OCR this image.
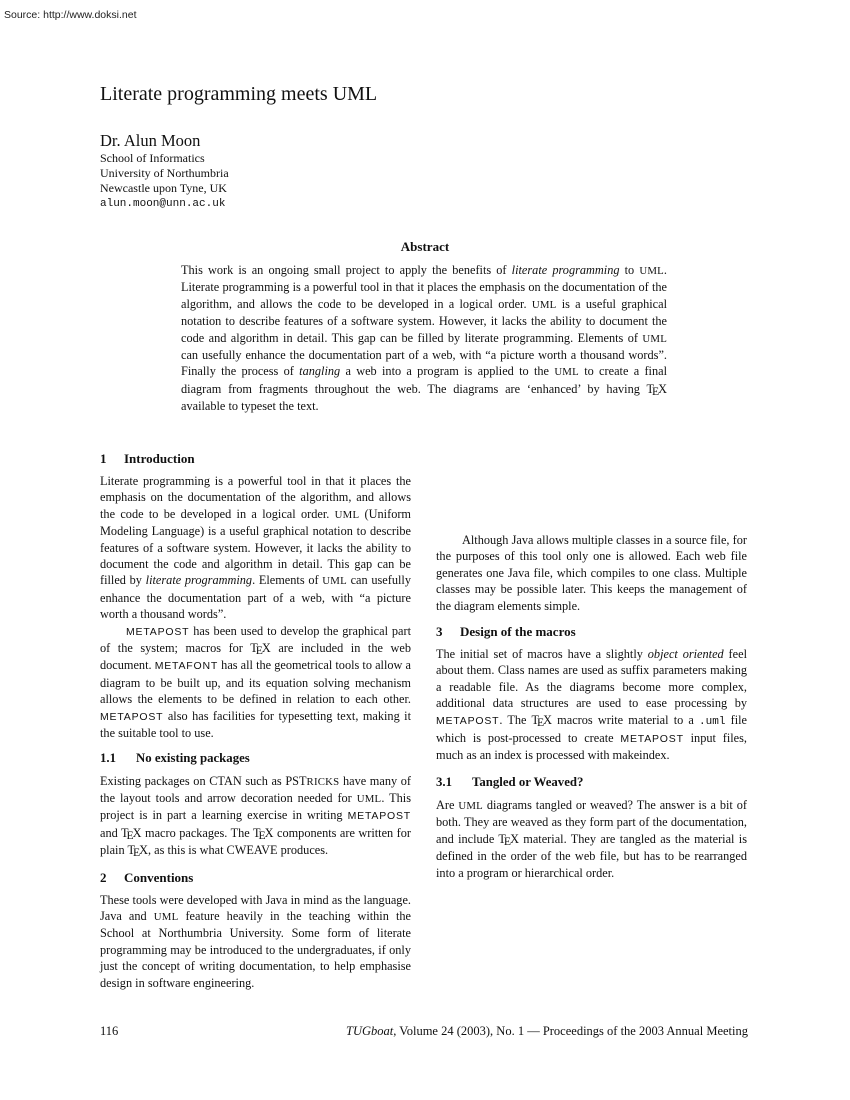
Source: http://www.doksi.net
Literate programming meets UML
Dr. Alun Moon
School of Informatics
University of Northumbria
Newcastle upon Tyne, UK
alun.moon@unn.ac.uk
Abstract

This work is an ongoing small project to apply the benefits of literate programming to UML. Literate programming is a powerful tool in that it places the emphasis on the documentation of the algorithm, and allows the code to be developed in a logical order. UML is a useful graphical notation to describe features of a software system. However, it lacks the ability to document the code and algorithm in detail. This gap can be filled by literate programming. Elements of UML can usefully enhance the documentation part of a web, with “a picture worth a thousand words”. Finally the process of tangling a web into a program is applied to the UML to create a final diagram from fragments throughout the web. The diagrams are ‘enhanced’ by having TEX available to typeset the text.

1 Introduction

Literate programming is a powerful tool in that it places the emphasis on the documentation of the algorithm, and allows the code to be developed in a logical order. UML (Uniform Modeling Language) is a useful graphical notation to describe features of a software system. However, it lacks the ability to document the code and algorithm in detail. This gap can be filled by literate programming. Elements of UML can usefully enhance the documentation part of a web, with “a picture worth a thousand words”.

METAPOST has been used to develop the graphical part of the system; macros for TEX are included in the web document. METAFONT has all the geometrical tools to allow a diagram to be built up, and its equation solving mechanism allows the elements to be defined in relation to each other. METAPOST also has facilities for typesetting text, making it the suitable tool to use.

1.1 No existing packages

Existing packages on CTAN such as PSTRICKS have many of the layout tools and arrow decoration needed for UML. This project is in part a learning exercise in writing METAPOST and TEX macro packages. The TEX components are written for plain TEX, as this is what CWEAVE produces.

2 Conventions

These tools were developed with Java in mind as the language. Java and UML feature heavily in the teaching within the School at Northumbria University. Some form of literate programming may be introduced to the undergraduates, if only just the concept of writing documentation, to help emphasise design in software engineering.

Although Java allows multiple classes in a source file, for the purposes of this tool only one is allowed. Each web file generates one Java file, which compiles to one class. Multiple classes may be possible later. This keeps the management of the diagram elements simple.

3 Design of the macros

The initial set of macros have a slightly object oriented feel about them. Class names are used as suffix parameters making a readable file. As the diagrams become more complex, additional data structures are used to ease processing by METAPOST. The TEX macros write material to a .uml file which is post-processed to create METAPOST input files, much as an index is processed with makeindex.

3.1 Tangled or Weaved?

Are UML diagrams tangled or weaved? The answer is a bit of both. They are weaved as they form part of the documentation, and include TEX material. They are tangled as the material is defined in the order of the web file, but has to be rearranged into a program or hierarchical order.

116	TUGboat, Volume 24 (2003), No. 1 — Proceedings of the 2003 Annual Meeting
